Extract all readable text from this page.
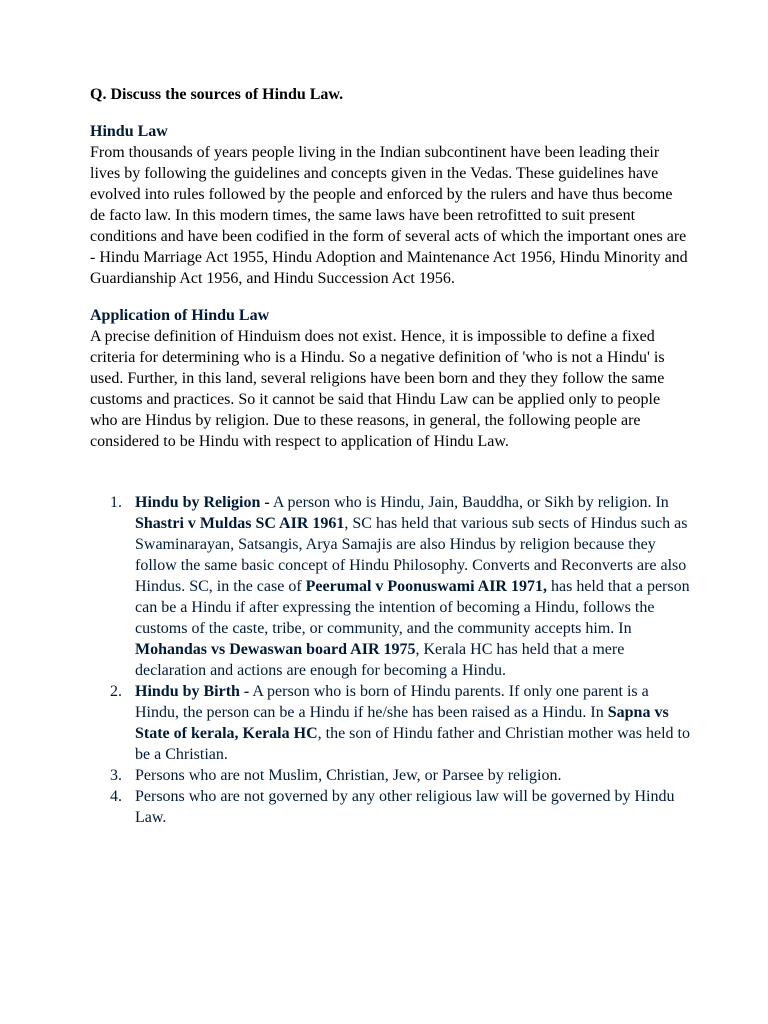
Q. Discuss the sources of Hindu Law.

Hindu Law

From thousands of years people living in the Indian subcontinent have been leading their lives by following the guidelines and concepts given in the Vedas. These guidelines have evolved into rules followed by the people and enforced by the rulers and have thus become de facto law. In this modern times, the same laws have been retrofitted to suit present conditions and have been codified in the form of several acts of which the important ones are - Hindu Marriage Act 1955, Hindu Adoption and Maintenance Act 1956, Hindu Minority and Guardianship Act 1956, and Hindu Succession Act 1956.

Application of Hindu Law

A precise definition of Hinduism does not exist. Hence, it is impossible to define a fixed criteria for determining who is a Hindu. So a negative definition of 'who is not a Hindu' is used. Further, in this land, several religions have been born and they they follow the same customs and practices. So it cannot be said that Hindu Law can be applied only to people who are Hindus by religion. Due to these reasons, in general, the following people are considered to be Hindu with respect to application of Hindu Law.

1. Hindu by Religion - A person who is Hindu, Jain, Bauddha, or Sikh by religion. In Shastri v Muldas SC AIR 1961, SC has held that various sub sects of Hindus such as Swaminarayan, Satsangis, Arya Samajis are also Hindus by religion because they follow the same basic concept of Hindu Philosophy. Converts and Reconverts are also Hindus. SC, in the case of Peerumal v Poonuswami AIR 1971, has held that a person can be a Hindu if after expressing the intention of becoming a Hindu, follows the customs of the caste, tribe, or community, and the community accepts him. In Mohandas vs Dewaswan board AIR 1975, Kerala HC has held that a mere declaration and actions are enough for becoming a Hindu.
2. Hindu by Birth - A person who is born of Hindu parents. If only one parent is a Hindu, the person can be a Hindu if he/she has been raised as a Hindu. In Sapna vs State of kerala, Kerala HC, the son of Hindu father and Christian mother was held to be a Christian.
3. Persons who are not Muslim, Christian, Jew, or Parsee by religion.
4. Persons who are not governed by any other religious law will be governed by Hindu Law.
